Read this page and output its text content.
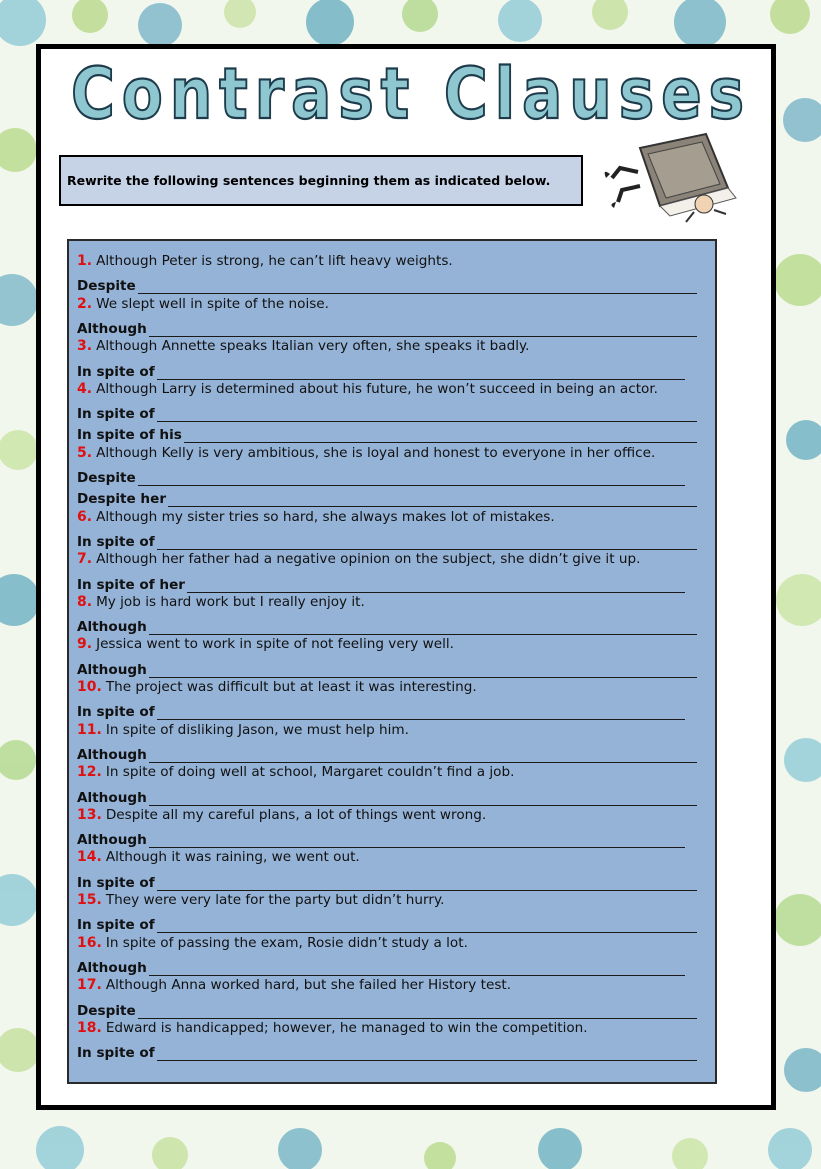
Contrast Clauses
Rewrite the following sentences beginning them as indicated below.
1. Although Peter is strong, he can’t lift heavy weights.
Despite
2. We slept well in spite of the noise.
Although
3. Although Annette speaks Italian very often, she speaks it badly.
In spite of
4. Although Larry is determined about his future, he won’t succeed in being an actor.
In spite of
In spite of his
5. Although Kelly is very ambitious, she is loyal and honest to everyone in her office.
Despite
Despite her
6. Although my sister tries so hard, she always makes lot of mistakes.
In spite of
7. Although her father had a negative opinion on the subject, she didn’t give it up.
In spite of her
8. My job is hard work but I really enjoy it.
Although
9. Jessica went to work in spite of not feeling very well.
Although
10. The project was difficult but at least it was interesting.
In spite of
11. In spite of disliking Jason, we must help him.
Although
12. In spite of doing well at school, Margaret couldn’t find a job.
Although
13. Despite all my careful plans, a lot of things went wrong.
Although
14. Although it was raining, we went out.
In spite of
15. They were very late for the party but didn’t hurry.
In spite of
16. In spite of passing the exam, Rosie didn’t study a lot.
Although
17. Although Anna worked hard, but she failed her History test.
Despite
18. Edward is handicapped; however, he managed to win the competition.
In spite of
